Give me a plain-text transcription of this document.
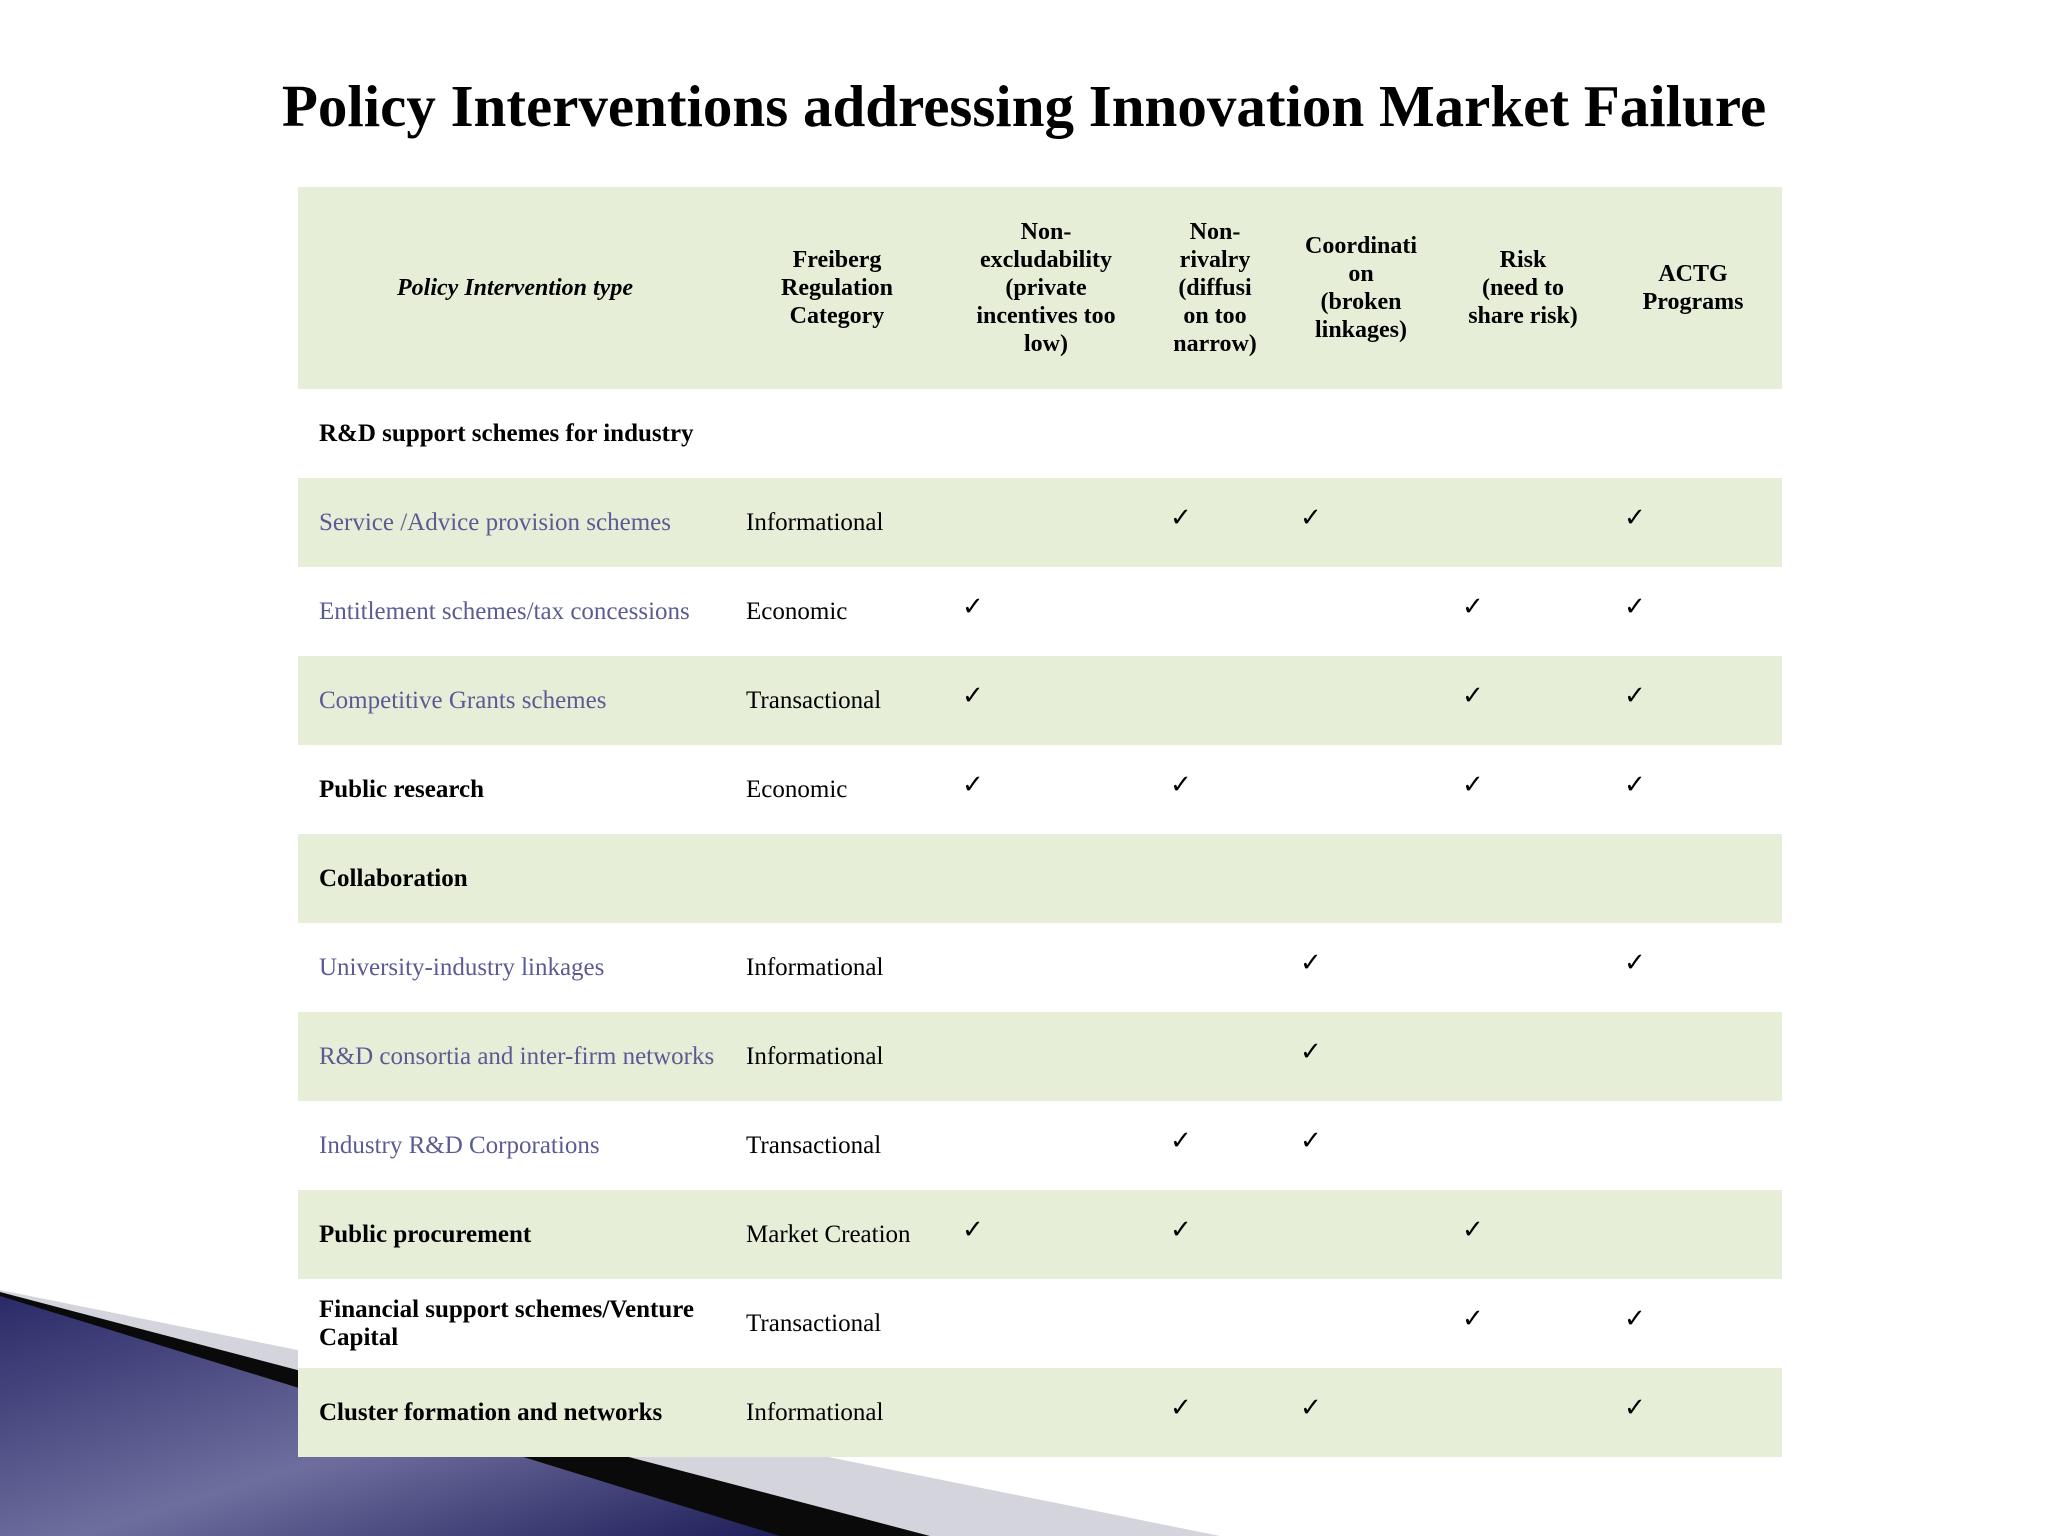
Policy Interventions addressing Innovation Market Failure
Policy Intervention type	Freiberg
Regulation
Category	Non-
excludability
(private
incentives too
low)	Non-
rivalry
(diffusi
on too
narrow)	Coordinati
on
(broken
linkages)	Risk
(need to
share risk)	ACTG
Programs

R&D support schemes for industry						
Service /Advice provision schemes	Informational		✓	✓		✓
Entitlement schemes/tax concessions	Economic	✓			✓	✓
Competitive Grants schemes	Transactional	✓			✓	✓
Public research	Economic	✓	✓		✓	✓
Collaboration						
University-industry linkages	Informational			✓		✓
R&D consortia and inter-firm networks	Informational			✓		
Industry R&D Corporations	Transactional		✓	✓		
Public procurement	Market Creation	✓	✓		✓	
Financial support schemes/Venture Capital	Transactional				✓	✓
Cluster formation and networks	Informational		✓	✓		✓
